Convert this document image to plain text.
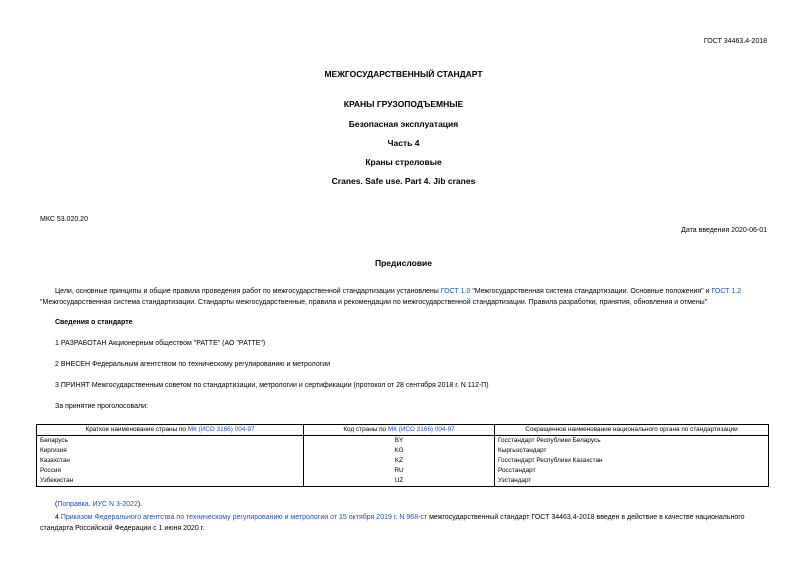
ГОСТ 34463.4-2018
МЕЖГОСУДАРСТВЕННЫЙ СТАНДАРТ
КРАНЫ ГРУЗОПОДЪЕМНЫЕ
Безопасная эксплуатация
Часть 4
Краны стреловые
Cranes. Safe use. Part 4. Jib cranes
МКС 53.020.20
Дата введения 2020-06-01
Предисловие
Цели, основные принципы и общие правила проведения работ по межгосударственной стандартизации установлены ГОСТ 1.0 "Межгосударственная система стандартизации. Основные положения" и ГОСТ 1.2 "Межгосударственная система стандартизации. Стандарты межгосударственные, правила и рекомендации по межгосударственной стандартизации. Правила разработки, принятия, обновления и отмены"
Сведения о стандарте
1 РАЗРАБОТАН Акционерным обществом "РАТТЕ" (АО "РАТТЕ")
2 ВНЕСЕН Федеральным агентством по техническому регулированию и метрологии
3 ПРИНЯТ Межгосударственным советом по стандартизации, метрологии и сертификации (протокол от 28 сентября 2018 г. N 112-П)
За принятие проголосовали:
Краткое наименование страны по МК (ИСО 3166) 004-97	Код страны по МК (ИСО 3166) 004-97	Сокращенное наименование национального органа по стандартизации
Беларусь	BY	Госстандарт Республики Беларусь
Киргизия	KG	Кыргызстандарт
Казахстан	KZ	Госстандарт Республики Казахстан
Россия	RU	Росстандарт
Узбекистан	UZ	Узстандарт
(Поправка. ИУС N 3-2022).
4 Приказом Федерального агентства по техническому регулированию и метрологии от 15 октября 2019 г. N 968-ст межгосударственный стандарт ГОСТ 34463.4-2018 введен в действие в качестве национального стандарта Российской Федерации с 1 июня 2020 г.
